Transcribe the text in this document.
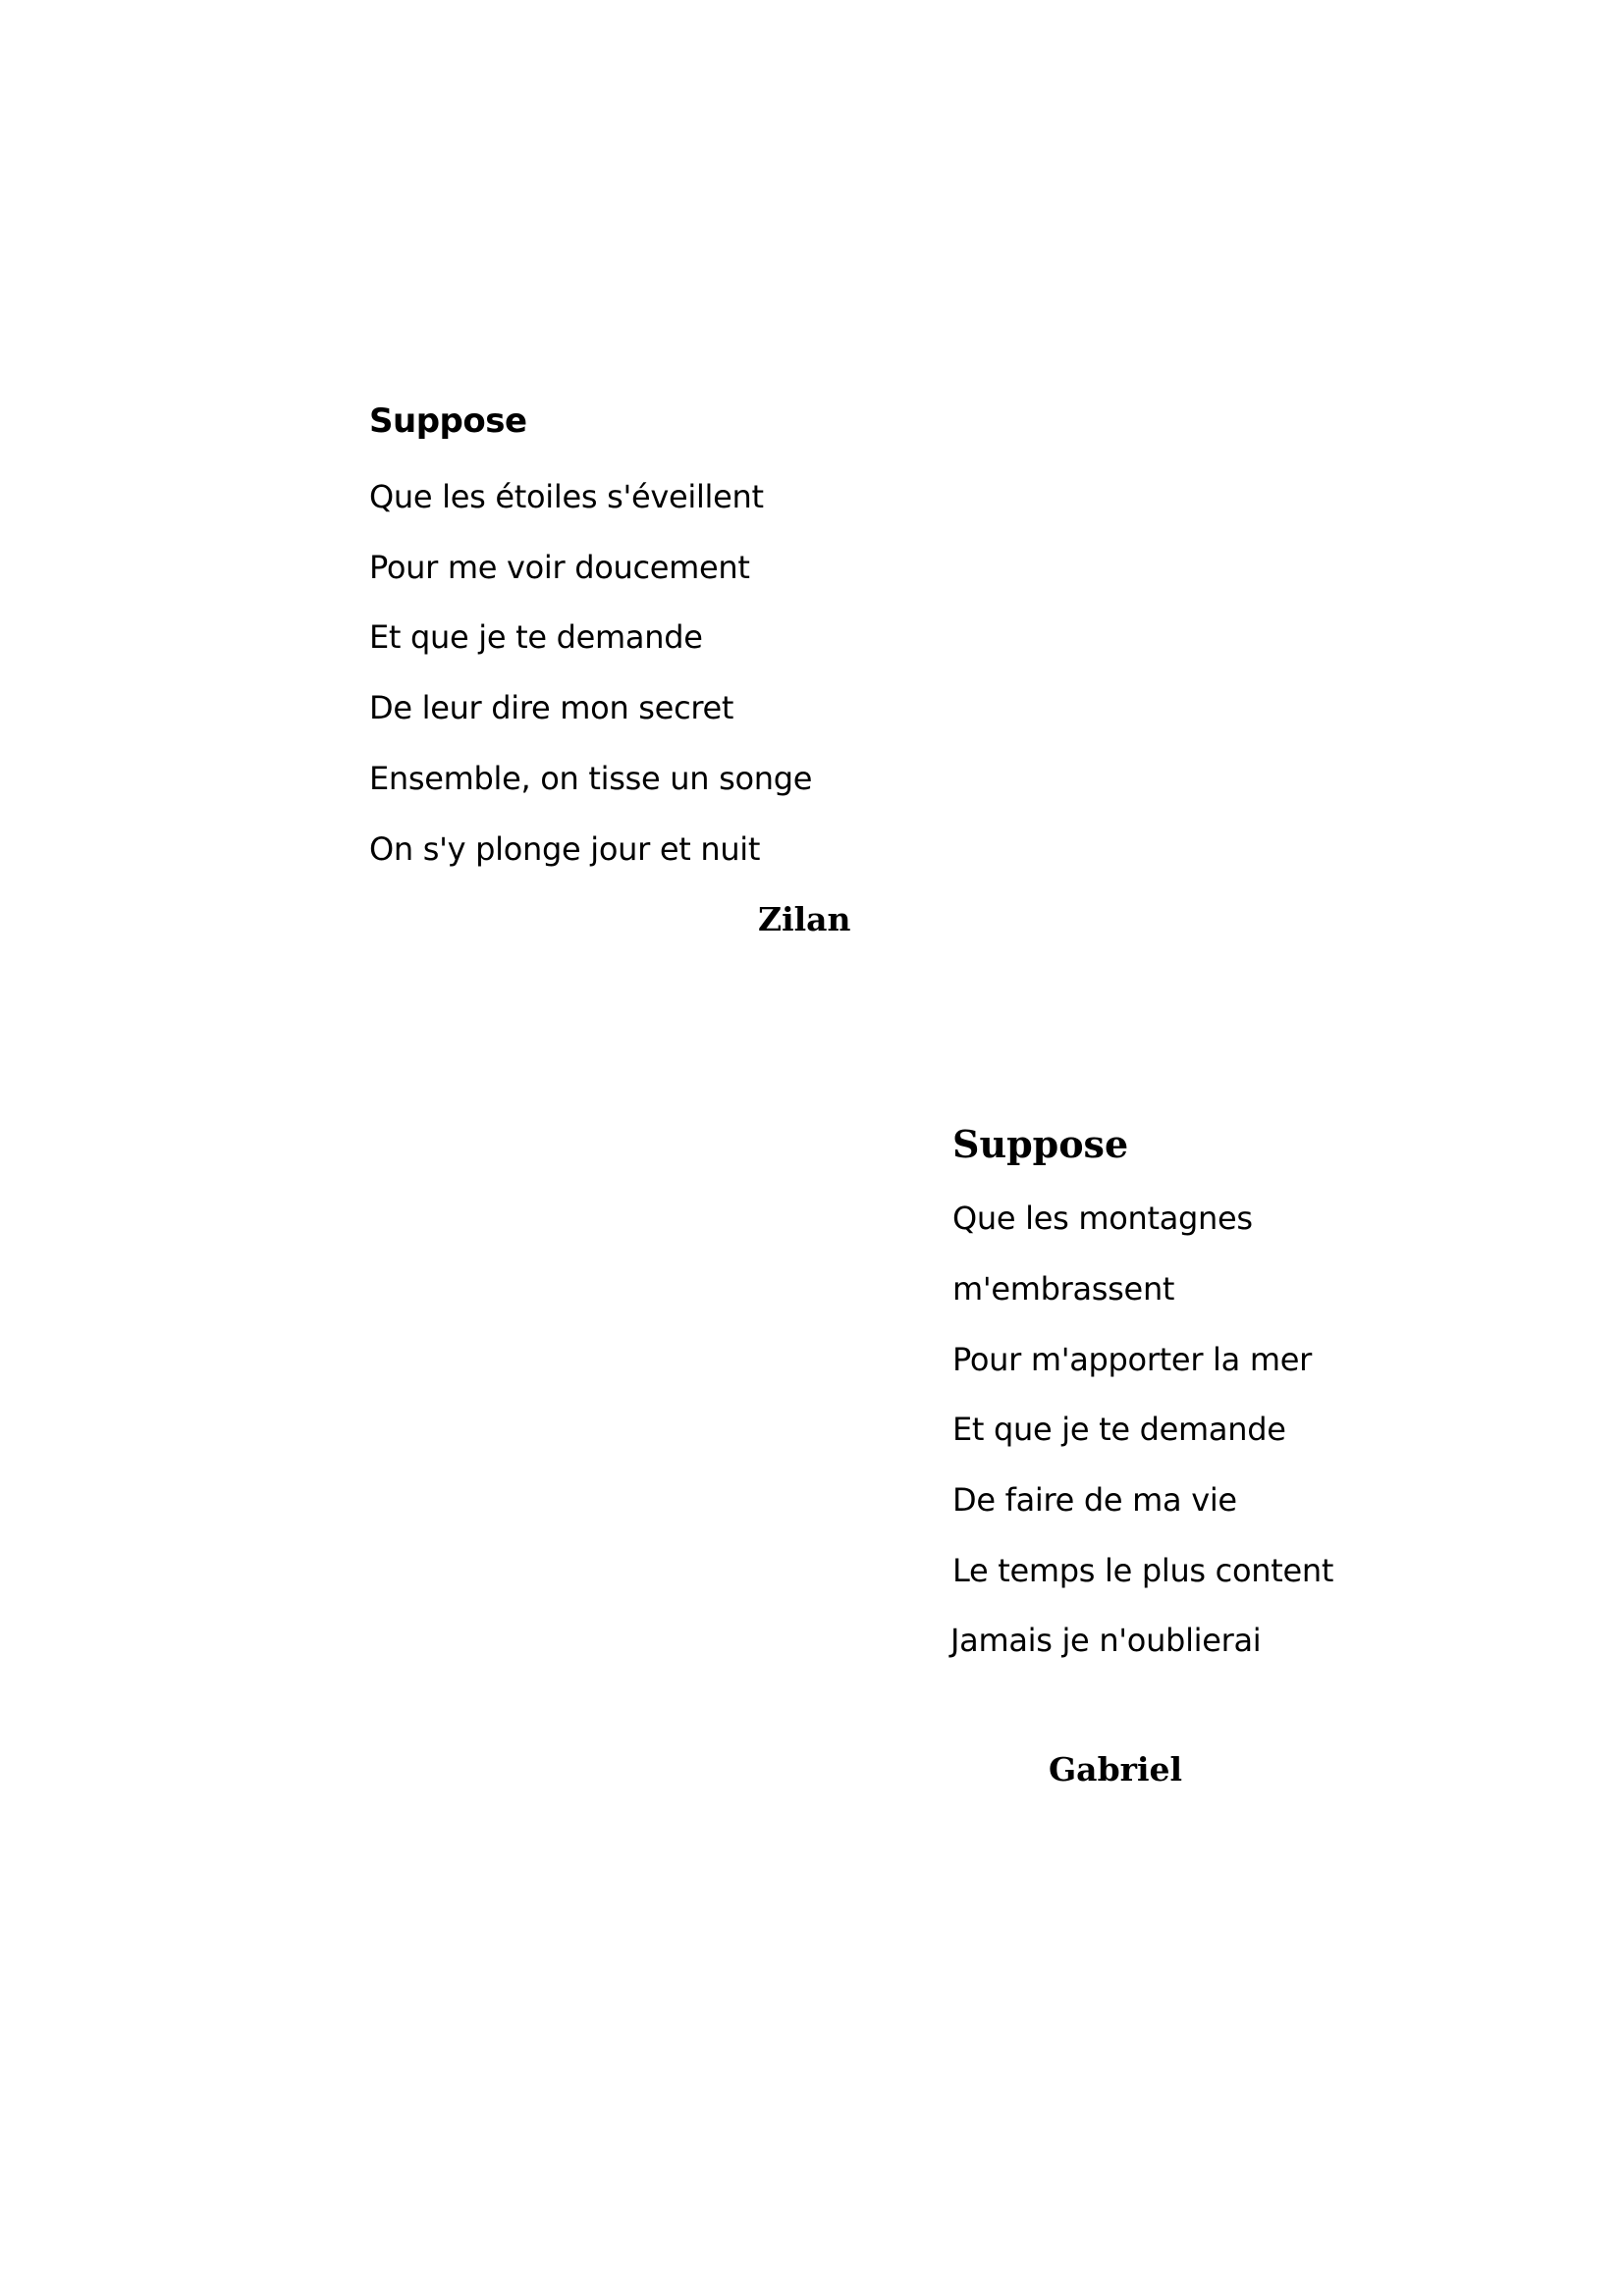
Suppose
Que les étoiles s'éveillent
Pour me voir doucement
Et que je te demande
De leur dire mon secret
Ensemble, on tisse un songe
On s'y plonge jour et nuit
Zilan
Suppose
Que les montagnes
m'embrassent
Pour m'apporter la mer
Et que je te demande
De faire de ma vie
Le temps le plus content
Jamais je n'oublierai
Gabriel
